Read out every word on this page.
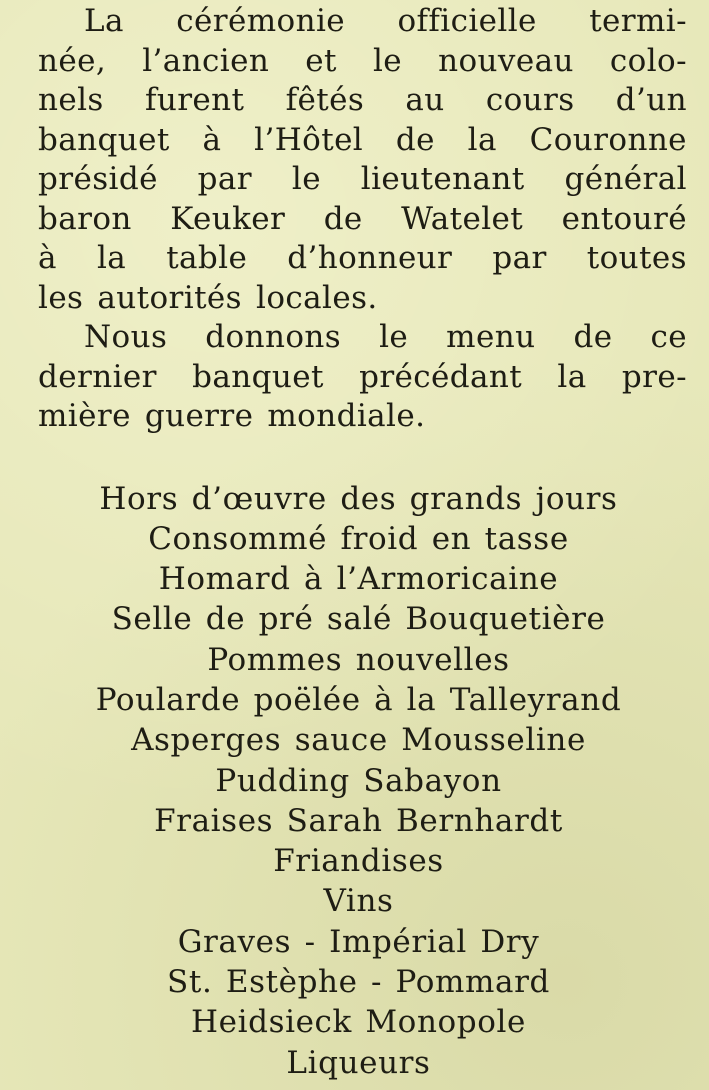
La cérémonie officielle termi-
née, l’ancien et le nouveau colo-
nels furent fêtés au cours d’un
banquet à l’Hôtel de la Couronne
présidé par le lieutenant général
baron Keuker de Watelet entouré
à la table d’honneur par toutes
les autorités locales.
Nous donnons le menu de ce
dernier banquet précédant la pre-
mière guerre mondiale.
Hors d’œuvre des grands jours
Consommé froid en tasse
Homard à l’Armoricaine
Selle de pré salé Bouquetière
Pommes nouvelles
Poularde poëlée à la Talleyrand
Asperges sauce Mousseline
Pudding Sabayon
Fraises Sarah Bernhardt
Friandises
Vins
Graves - Impérial Dry
St. Estèphe - Pommard
Heidsieck Monopole
Liqueurs
